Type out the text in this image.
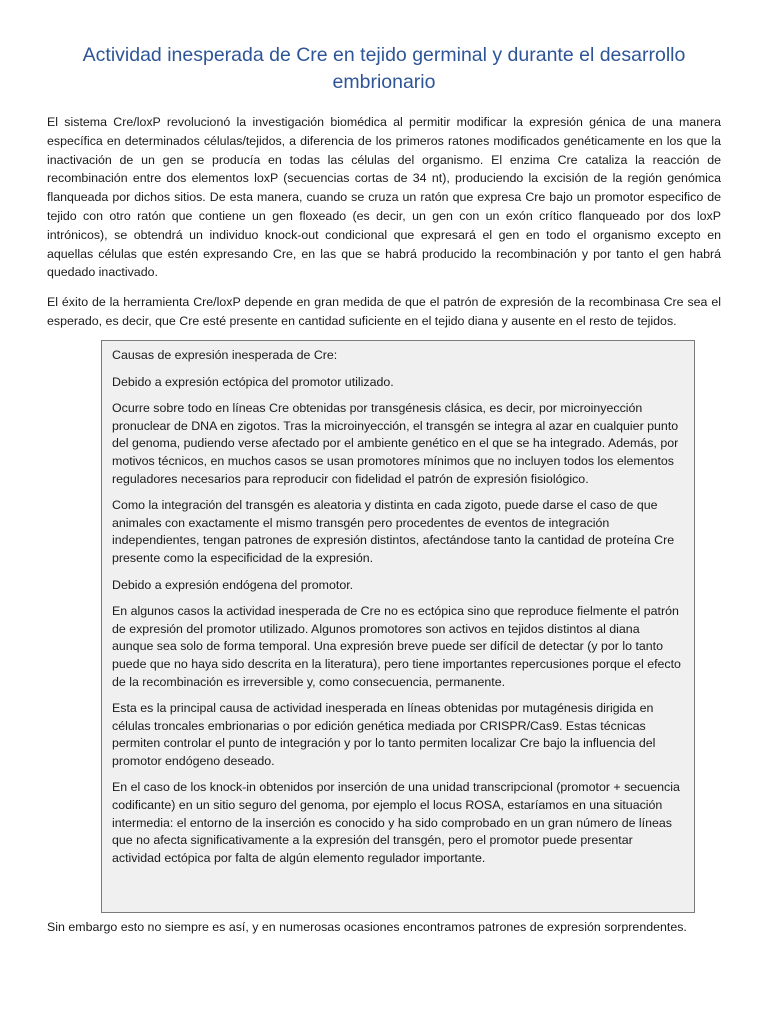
Actividad inesperada de Cre en tejido germinal y durante el desarrollo embrionario

El sistema Cre/loxP revolucionó la investigación biomédica al permitir modificar la expresión génica de una manera específica en determinados células/tejidos, a diferencia de los primeros ratones modificados genéticamente en los que la inactivación de un gen se producía en todas las células del organismo. El enzima Cre cataliza la reacción de recombinación entre dos elementos loxP (secuencias cortas de 34 nt), produciendo la excisión de la región genómica flanqueada por dichos sitios. De esta manera, cuando se cruza un ratón que expresa Cre bajo un promotor especifico de tejido con otro ratón que contiene un gen floxeado (es decir, un gen con un exón crítico flanqueado por dos loxP intrónicos), se obtendrá un individuo knock-out condicional que expresará el gen en todo el organismo excepto en aquellas células que estén expresando Cre, en las que se habrá producido la recombinación y por tanto el gen habrá quedado inactivado.

El éxito de la herramienta Cre/loxP depende en gran medida de que el patrón de expresión de la recombinasa Cre sea el esperado, es decir, que Cre esté presente en cantidad suficiente en el tejido diana y ausente en el resto de tejidos.

Causas de expresión inesperada de Cre:

Debido a expresión ectópica del promotor utilizado.

Ocurre sobre todo en líneas Cre obtenidas por transgénesis clásica, es decir, por microinyección pronuclear de DNA en zigotos. Tras la microinyección, el transgén se integra al azar en cualquier punto del genoma, pudiendo verse afectado por el ambiente genético en el que se ha integrado. Además, por motivos técnicos, en muchos casos se usan promotores mínimos que no incluyen todos los elementos reguladores necesarios para reproducir con fidelidad el patrón de expresión fisiológico.

Como la integración del transgén es aleatoria y distinta en cada zigoto, puede darse el caso de que animales con exactamente el mismo transgén pero procedentes de eventos de integración independientes, tengan patrones de expresión distintos, afectándose tanto la cantidad de proteína Cre presente como la especificidad de la expresión.

Debido a expresión endógena del promotor.

En algunos casos la actividad inesperada de Cre no es ectópica sino que reproduce fielmente el patrón de expresión del promotor utilizado. Algunos promotores son activos en tejidos distintos al diana aunque sea solo de forma temporal. Una expresión breve puede ser difícil de detectar (y por lo tanto puede que no haya sido descrita en la literatura), pero tiene importantes repercusiones porque el efecto de la recombinación es irreversible y, como consecuencia, permanente.

Esta es la principal causa de actividad inesperada en líneas obtenidas por mutagénesis dirigida en células troncales embrionarias o por edición genética mediada por CRISPR/Cas9. Estas técnicas permiten controlar el punto de integración y por lo tanto permiten localizar Cre bajo la influencia del promotor endógeno deseado.

En el caso de los knock-in obtenidos por inserción de una unidad transcripcional (promotor + secuencia codificante) en un sitio seguro del genoma, por ejemplo el locus ROSA, estaríamos en una situación intermedia: el entorno de la inserción es conocido y ha sido comprobado en un gran número de líneas que no afecta significativamente a la expresión del transgén, pero el promotor puede presentar actividad ectópica por falta de algún elemento regulador importante.

Sin embargo esto no siempre es así, y en numerosas ocasiones encontramos patrones de expresión sorprendentes.
